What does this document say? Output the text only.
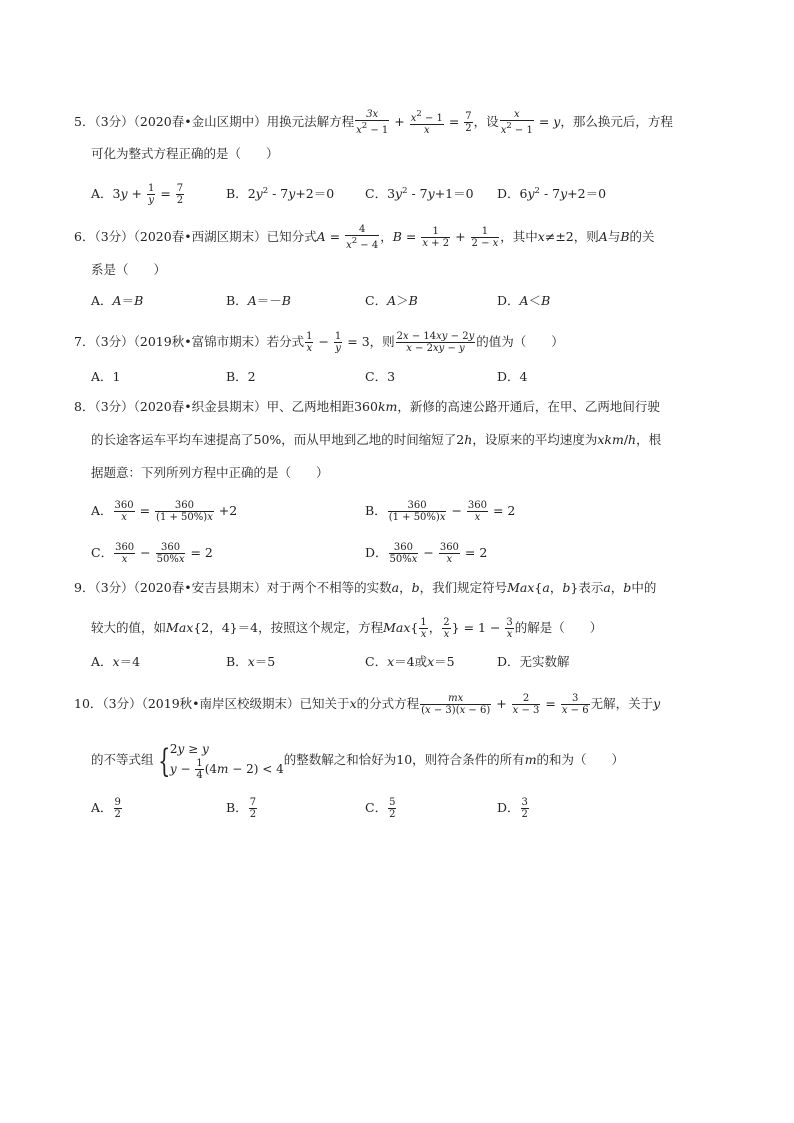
5．（3分）（2020春•金山区期中）用换元法解方程 $\frac{3x}{x^2 - 1} + \frac{x^2 - 1}{x} = \frac{7}{2}$ ，设 $\frac{x}{x^2 - 1} = y$，那么换元后，方程
可化为整式方程正确的是（　　）
A．$3y + \frac{1}{y} = \frac{7}{2}$	B．$2y^2 - 7y+2=0$ C．$3y^2 - 7y+1=0$ D．$6y^2 - 7y+2=0$
6．（3分）（2020春•西湖区期末）已知分式$A = \frac{4}{x^2 - 4}$ ，$B = \frac{1}{x + 2} + \frac{1}{2 - x}$ ，其中x≠±2，则A与B的关
系是（　　）
A．A＝B	B．A＝－B	C．A＞B	D．A＜B
7．（3分）（2019秋•富锦市期末）若分式 $\frac{1}{x} - \frac{1}{y} = 3$，则 $\frac{2x - 14xy - 2y}{x - 2xy - y}$ 的值为（　　）
A．1	B．2	C．3	D．4
8．（3分）（2020春•织金县期末）甲、乙两地相距360km，新修的高速公路开通后，在甲、乙两地间行驶
的长途客运车平均车速提高了50%，而从甲地到乙地的时间缩短了2h，设原来的平均速度为xkm/h，根
据题意：下列所列方程中正确的是（　　）
A． $\frac{360}{x} = \frac{360}{(1 + 50\%)x} +2$	B． $\frac{360}{(1 + 50\%)x} - \frac{360}{x} = 2$
C． $\frac{360}{x} - \frac{360}{50\%x} = 2$	D． $\frac{360}{50\%x} - \frac{360}{x} = 2$
9．（3分）（2020春•安吉县期末）对于两个不相等的实数a，b，我们规定符号Max{a，b}表示a，b中的
较大的值，如Max{2，4}＝4，按照这个规定，方程$Max\{ \frac{1}{x}$ ， $\frac{2}{x}$ } = $1 - \frac{3}{x}$ 的解是（　　）
A．x＝4	B．x＝5	C．x＝4或x＝5	D．无实数解
10．（3分）（2019秋•南岸区校级期末）已知关于x的分式方程 $\frac{mx}{(x - 3)(x - 6)} + \frac{2}{x - 3} = \frac{3}{x - 6}$ 无解，关于y
的不等式组 { 2y ≥ y
$y - \frac{1}{4} (4m - 2) < 4$
的整数解之和恰好为10，则符合条件的所有m的和为（　　）
A． $\frac{9}{2}$	B． $\frac{7}{2}$	C． $\frac{5}{2}$	D． $\frac{3}{2}$
